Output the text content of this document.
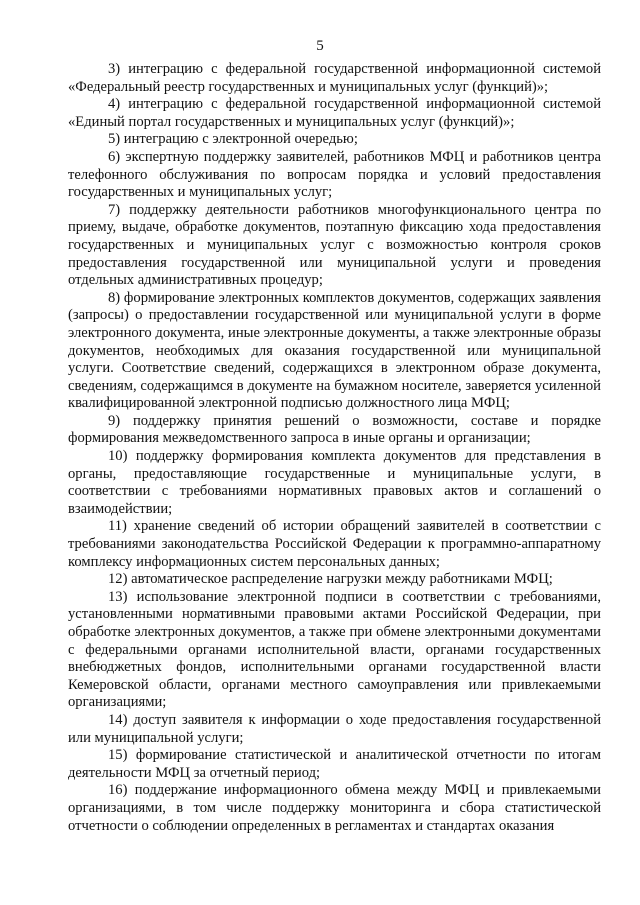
5

3) интеграцию с федеральной государственной информационной системой «Федеральный реестр государственных и муниципальных услуг (функций)»;

4) интеграцию с федеральной государственной информационной системой «Единый портал государственных и муниципальных услуг (функций)»;

5) интеграцию с электронной очередью;

6) экспертную поддержку заявителей, работников МФЦ и работников центра телефонного обслуживания по вопросам порядка и условий предоставления государственных и муниципальных услуг;

7) поддержку деятельности работников многофункционального центра по приему, выдаче, обработке документов, поэтапную фиксацию хода предоставления государственных и муниципальных услуг с возможностью контроля сроков предоставления государственной или муниципальной услуги и проведения отдельных административных процедур;

8) формирование электронных комплектов документов, содержащих заявления (запросы) о предоставлении государственной или муниципальной услуги в форме электронного документа, иные электронные документы, а также электронные образы документов, необходимых для оказания государственной или муниципальной услуги. Соответствие сведений, содержащихся в электронном образе документа, сведениям, содержащимся в документе на бумажном носителе, заверяется усиленной квалифицированной электронной подписью должностного лица МФЦ;

9) поддержку принятия решений о возможности, составе и порядке формирования межведомственного запроса в иные органы и организации;

10) поддержку формирования комплекта документов для представления в органы, предоставляющие государственные и муниципальные услуги, в соответствии с требованиями нормативных правовых актов и соглашений о взаимодействии;

11) хранение сведений об истории обращений заявителей в соответствии с требованиями законодательства Российской Федерации к программно-аппаратному комплексу информационных систем персональных данных;

12) автоматическое распределение нагрузки между работниками МФЦ;

13) использование электронной подписи в соответствии с требованиями, установленными нормативными правовыми актами Российской Федерации, при обработке электронных документов, а также при обмене электронными документами с федеральными органами исполнительной власти, органами государственных внебюджетных фондов, исполнительными органами государственной власти Кемеровской области, органами местного самоуправления или привлекаемыми организациями;

14) доступ заявителя к информации о ходе предоставления государственной или муниципальной услуги;

15) формирование статистической и аналитической отчетности по итогам деятельности МФЦ за отчетный период;

16) поддержание информационного обмена между МФЦ и привлекаемыми организациями, в том числе поддержку мониторинга и сбора статистической отчетности о соблюдении определенных в регламентах и стандартах оказания
